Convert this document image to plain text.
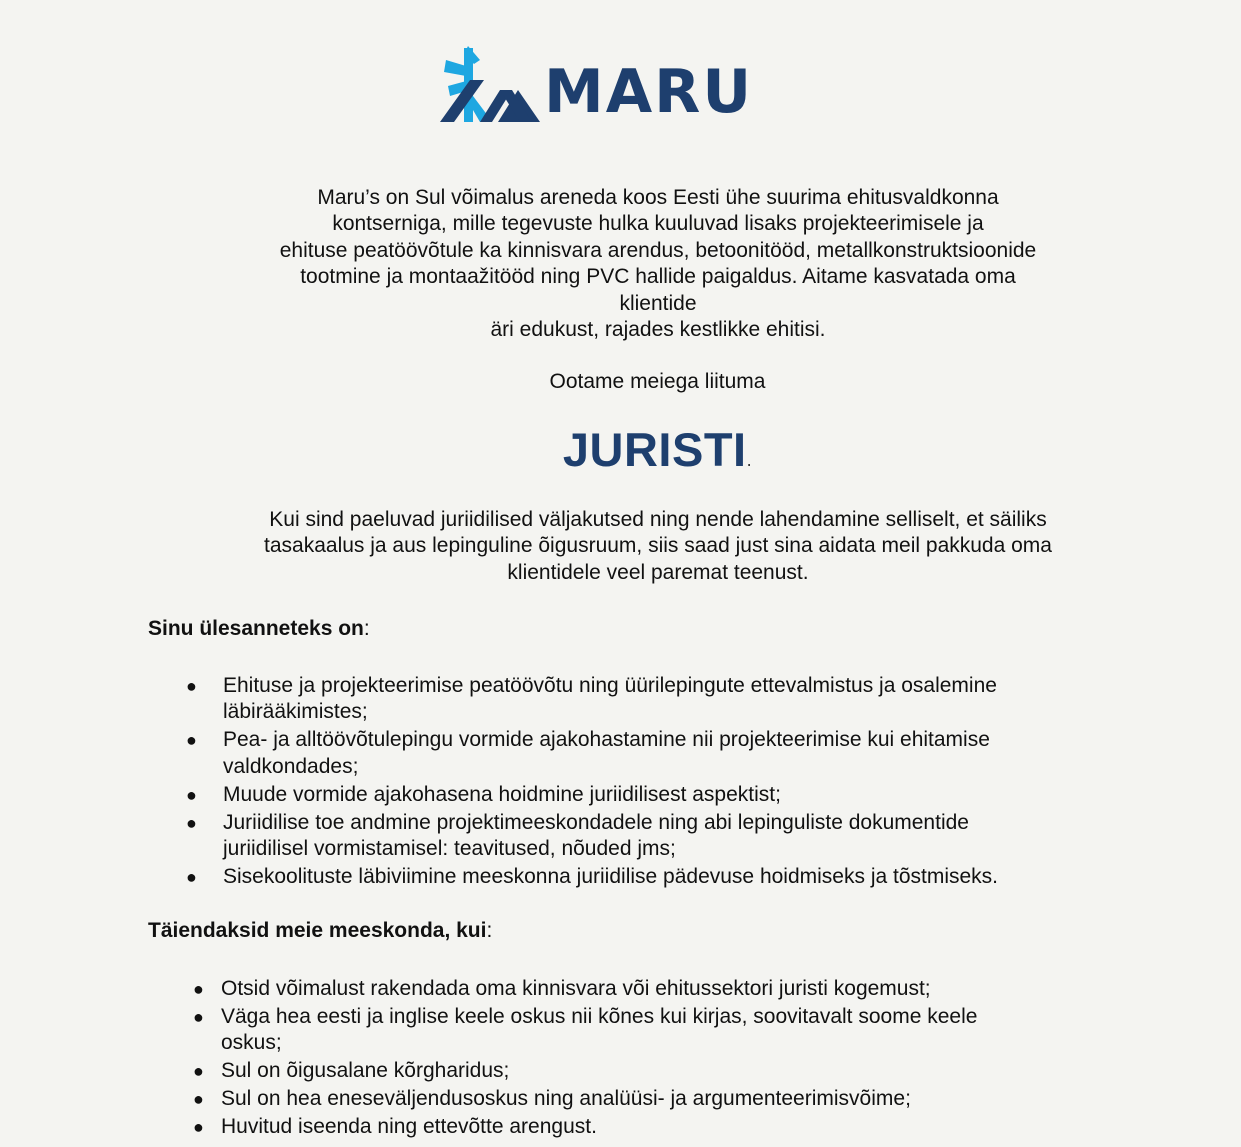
MARU
Maru’s on Sul võimalus areneda koos Eesti ühe suurima ehitusvaldkonna
kontserniga, mille tegevuste hulka kuuluvad lisaks projekteerimisele ja
ehituse peatöövõtule ka kinnisvara arendus, betoonitööd, metallkonstruktsioonide
tootmine ja montaažitööd ning PVC hallide paigaldus. Aitame kasvatada oma
klientide
äri edukust, rajades kestlikke ehitisi.

Ootame meiega liituma

JURISTI.
Kui sind paeluvad juriidilised väljakutsed ning nende lahendamine selliselt, et säiliks
tasakaalus ja aus lepinguline õigusruum, siis saad just sina aidata meil pakkuda oma
klientidele veel paremat teenust.
Sinu ülesanneteks on:
● Ehituse ja projekteerimise peatöövõtu ning üürilepingute ettevalmistus ja osalemine
läbirääkimistes;
● Pea- ja alltöövõtulepingu vormide ajakohastamine nii projekteerimise kui ehitamise
valdkondades;
● Muude vormide ajakohasena hoidmine juriidilisest aspektist;
● Juriidilise toe andmine projektimeeskondadele ning abi lepinguliste dokumentide
juriidilisel vormistamisel: teavitused, nõuded jms;
● Sisekoolituste läbiviimine meeskonna juriidilise pädevuse hoidmiseks ja tõstmiseks.
Täiendaksid meie meeskonda, kui:
● Otsid võimalust rakendada oma kinnisvara või ehitussektori juristi kogemust;
● Väga hea eesti ja inglise keele oskus nii kõnes kui kirjas, soovitavalt soome keele
oskus;
● Sul on õigusalane kõrgharidus;
● Sul on hea eneseväljendusoskus ning analüüsi- ja argumenteerimisvõime;
● Huvitud iseenda ning ettevõtte arengust.
